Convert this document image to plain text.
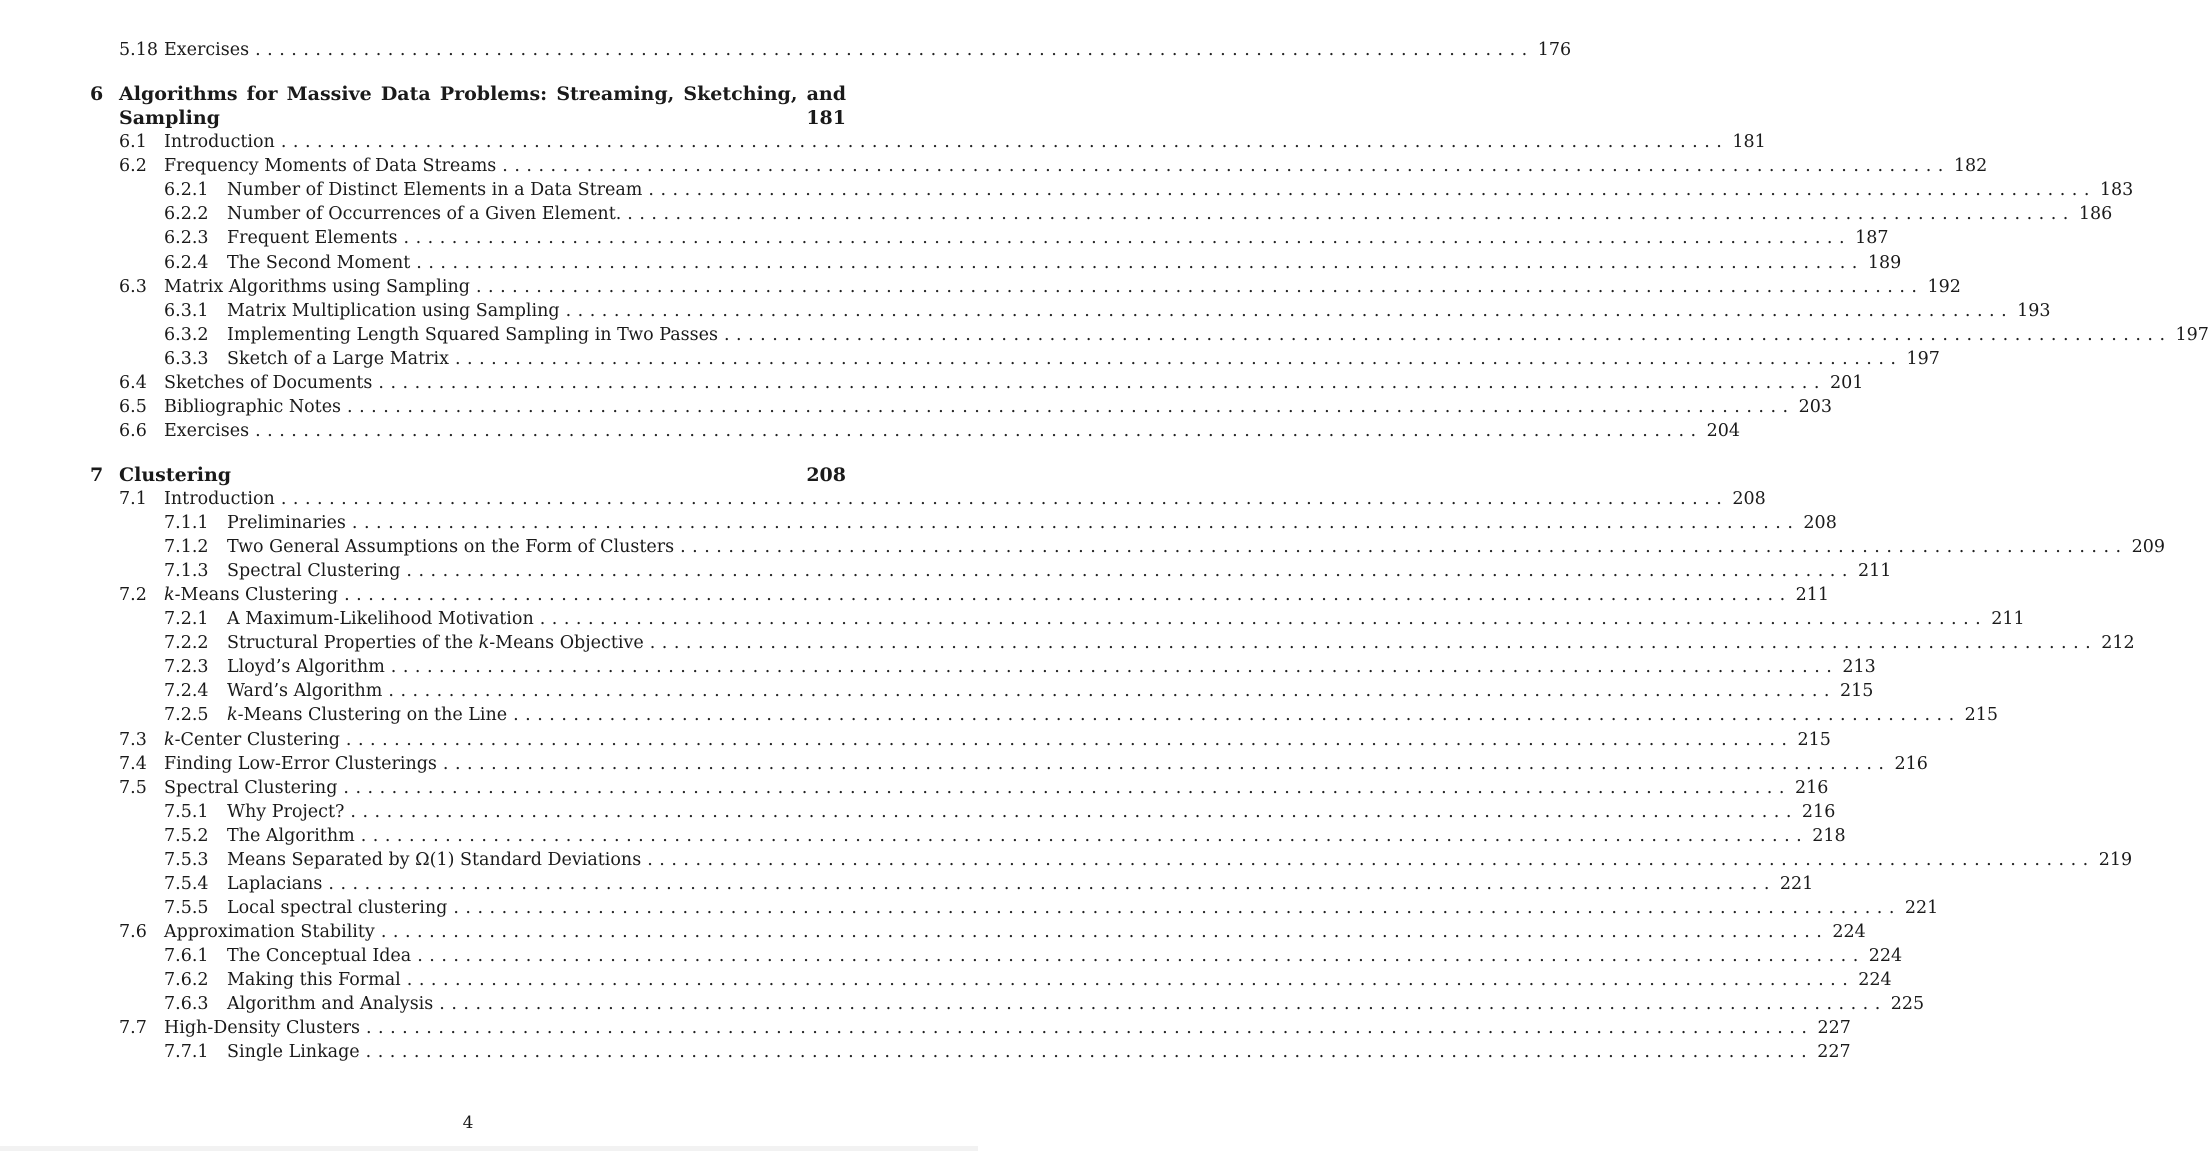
5.18 Exercises .......................................................................................................... 176
6 Algorithms for Massive Data Problems: Streaming, Sketching, and
Sampling	181
6.1 Introduction ........................................................................................................................ 181
6.2 Frequency Moments of Data Streams ........................................................................................................................ 182
6.2.1	Number of Distinct Elements in a Data Stream ........................................................................................................................ 183
6.2.2	Number of Occurrences of a Given Element. ........................................................................................................................ 186
6.2.3	Frequent Elements ........................................................................................................................ 187
6.2.4	The Second Moment ........................................................................................................................ 189
6.3 Matrix Algorithms using Sampling ........................................................................................................................ 192
6.3.1	Matrix Multiplication using Sampling ........................................................................................................................ 193
6.3.2	Implementing Length Squared Sampling in Two Passes ........................................................................................................................ 197
6.3.3	Sketch of a Large Matrix ........................................................................................................................ 197
6.4 Sketches of Documents ........................................................................................................................ 201
6.5 Bibliographic Notes ........................................................................................................................ 203
6.6 Exercises ........................................................................................................................ 204
7 Clustering	208
7.1 Introduction ........................................................................................................................ 208
7.1.1	Preliminaries ........................................................................................................................ 208
7.1.2	Two General Assumptions on the Form of Clusters ........................................................................................................................ 209
7.1.3	Spectral Clustering ........................................................................................................................ 211
7.2 k-Means Clustering ........................................................................................................................ 211
7.2.1	A Maximum-Likelihood Motivation ........................................................................................................................ 211
7.2.2	Structural Properties of the k-Means Objective ........................................................................................................................ 212
7.2.3	Lloyd’s Algorithm ........................................................................................................................ 213
7.2.4	Ward’s Algorithm ........................................................................................................................ 215
7.2.5	k-Means Clustering on the Line ........................................................................................................................ 215
7.3 k-Center Clustering ........................................................................................................................ 215
7.4 Finding Low-Error Clusterings ........................................................................................................................ 216
7.5 Spectral Clustering ........................................................................................................................ 216
7.5.1	Why Project? ........................................................................................................................ 216
7.5.2	The Algorithm ........................................................................................................................ 218
7.5.3	Means Separated by Ω(1) Standard Deviations ........................................................................................................................ 219
7.5.4	Laplacians ........................................................................................................................ 221
7.5.5	Local spectral clustering ........................................................................................................................ 221
7.6 Approximation Stability ........................................................................................................................ 224
7.6.1	The Conceptual Idea ........................................................................................................................ 224
7.6.2	Making this Formal ........................................................................................................................ 224
7.6.3	Algorithm and Analysis ........................................................................................................................ 225
7.7 High-Density Clusters ........................................................................................................................ 227
7.7.1	Single Linkage ........................................................................................................................ 227
4
